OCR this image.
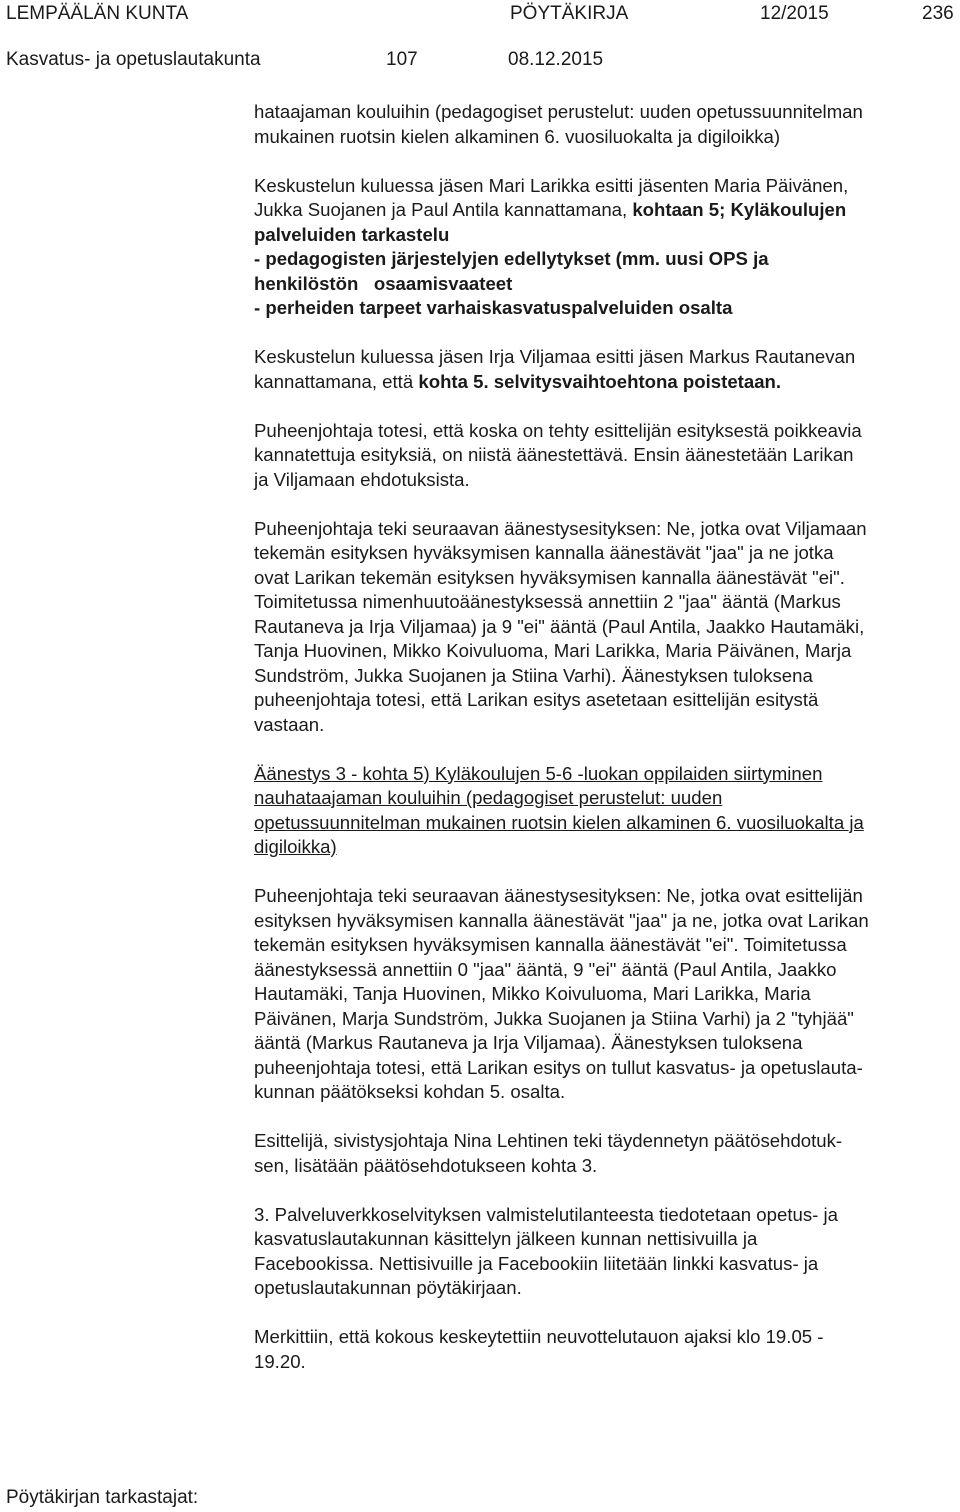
LEMPÄÄLÄN KUNTA	PÖYTÄKIRJA	12/2015	236
Kasvatus- ja opetuslautakunta	107	08.12.2015

hataajaman kouluihin (pedagogiset perustelut: uuden opetussuunnitelman
mukainen ruotsin kielen alkaminen 6. vuosiluokalta ja digiloikka)

Keskustelun kuluessa jäsen Mari Larikka esitti jäsenten Maria Päivänen,
Jukka Suojanen ja Paul Antila kannattamana, kohtaan 5; Kyläkoulujen
palveluiden tarkastelu
- pedagogisten järjestelyjen edellytykset (mm. uusi OPS ja
henkilöstön   osaamisvaateet
- perheiden tarpeet varhaiskasvatuspalveluiden osalta

Keskustelun kuluessa jäsen Irja Viljamaa esitti jäsen Markus Rautanevan
kannattamana, että kohta 5. selvitysvaihtoehtona poistetaan.

Puheenjohtaja totesi, että koska on tehty esittelijän esityksestä poikkeavia
kannatettuja esityksiä, on niistä äänestettävä. Ensin äänestetään Larikan
ja Viljamaan ehdotuksista.

Puheenjohtaja teki seuraavan äänestysesityksen: Ne, jotka ovat Viljamaan
tekemän esityksen hyväksymisen kannalla äänestävät "jaa" ja ne jotka
ovat Larikan tekemän esityksen hyväksymisen kannalla äänestävät "ei".
Toimitetussa nimenhuutoäänestyksessä annettiin 2 "jaa" ääntä (Markus
Rautaneva ja Irja Viljamaa) ja 9 "ei" ääntä (Paul Antila, Jaakko Hautamäki,
Tanja Huovinen, Mikko Koivuluoma, Mari Larikka, Maria Päivänen, Marja
Sundström, Jukka Suojanen ja Stiina Varhi). Äänestyksen tuloksena
puheenjohtaja totesi, että Larikan esitys asetetaan esittelijän esitystä
vastaan.

Äänestys 3 - kohta 5) Kyläkoulujen 5-6 -luokan oppilaiden siirtyminen
nauhataajaman kouluihin (pedagogiset perustelut: uuden
opetussuunnitelman mukainen ruotsin kielen alkaminen 6. vuosiluokalta ja
digiloikka)

Puheenjohtaja teki seuraavan äänestysesityksen: Ne, jotka ovat esittelijän
esityksen hyväksymisen kannalla äänestävät "jaa" ja ne, jotka ovat Larikan
tekemän esityksen hyväksymisen kannalla äänestävät "ei". Toimitetussa
äänestyksessä annettiin 0 "jaa" ääntä, 9 "ei" ääntä (Paul Antila, Jaakko
Hautamäki, Tanja Huovinen, Mikko Koivuluoma, Mari Larikka, Maria
Päivänen, Marja Sundström, Jukka Suojanen ja Stiina Varhi) ja 2 "tyhjää"
ääntä (Markus Rautaneva ja Irja Viljamaa). Äänestyksen tuloksena
puheenjohtaja totesi, että Larikan esitys on tullut kasvatus- ja opetuslauta-
kunnan päätökseksi kohdan 5. osalta.

Esittelijä, sivistysjohtaja Nina Lehtinen teki täydennetyn päätösehdotuk-
sen, lisätään päätösehdotukseen kohta 3.

3. Palveluverkkoselvityksen valmistelutilanteesta tiedotetaan opetus- ja
kasvatuslautakunnan käsittelyn jälkeen kunnan nettisivuilla ja
Facebookissa. Nettisivuille ja Facebookiin liitetään linkki kasvatus- ja
opetuslautakunnan pöytäkirjaan.

Merkittiin, että kokous keskeytettiin neuvottelutauon ajaksi klo 19.05 -
19.20.

Pöytäkirjan tarkastajat:
